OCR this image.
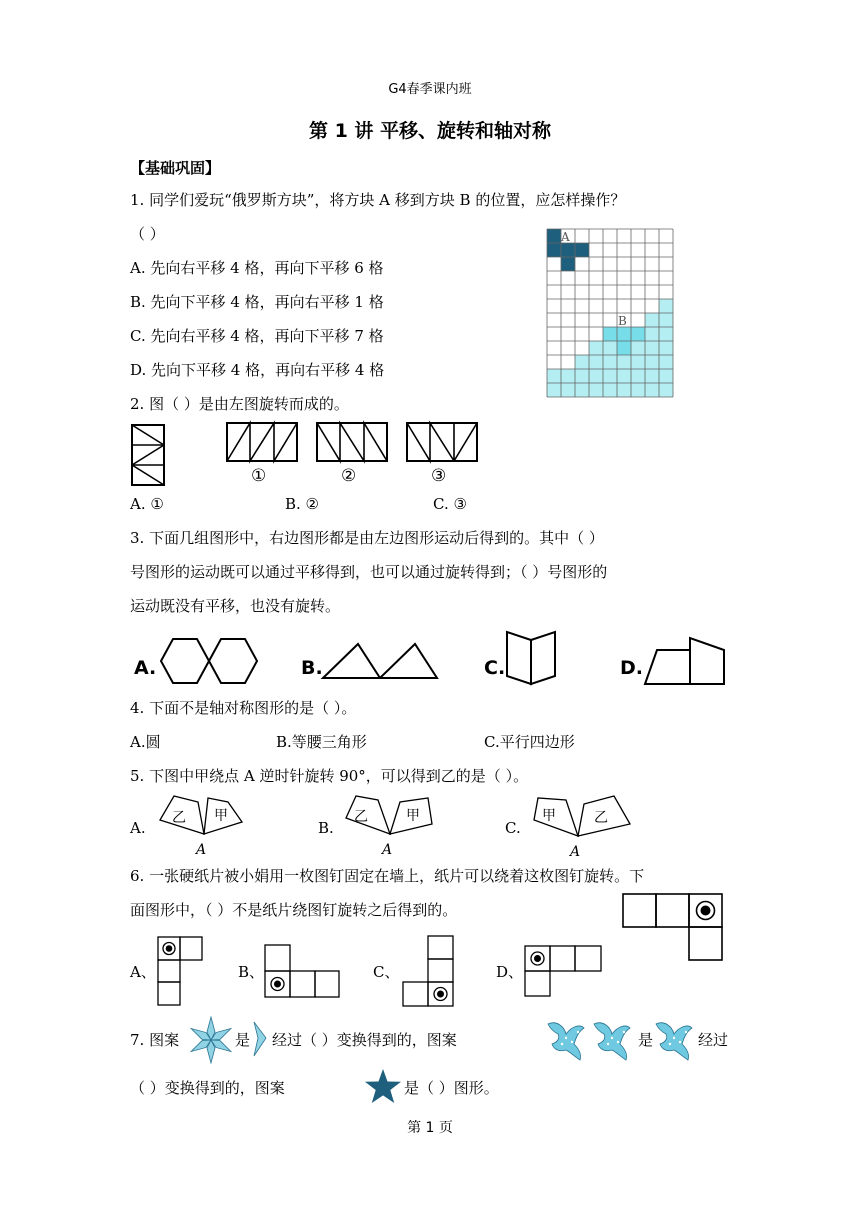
G4春季课内班
第 1 讲 平移、旋转和轴对称
【基础巩固】
1. 同学们爱玩“俄罗斯方块”，将方块 A 移到方块 B 的位置，应怎样操作？
（ ）
A. 先向右平移 4 格，再向下平移 6 格
B. 先向下平移 4 格，再向右平移 1 格
C. 先向右平移 4 格，再向下平移 7 格
D. 先向下平移 4 格，再向右平移 4 格
A
B
2. 图（ ）是由左图旋转而成的。
①	②	③
A. ①	B. ②	C. ③
3. 下面几组图形中，右边图形都是由左边图形运动后得到的。其中（ ）
号图形的运动既可以通过平移得到，也可以通过旋转得到；（ ）号图形的
运动既没有平移，也没有旋转。
A.	B.	C.	D.
4. 下面不是轴对称图形的是（ ）。
A.圆	B.等腰三角形	C.平行四边形
5. 下图中甲绕点 A 逆时针旋转 90°，可以得到乙的是（ ）。
A.
乙 甲
A
B.
乙	甲
A
C.
甲	乙
A
6. 一张硬纸片被小娟用一枚图钉固定在墙上，纸片可以绕着这枚图钉旋转。下
面图形中，（ ）不是纸片绕图钉旋转之后得到的。
A、	B、	C、	D、
7. 图案	是 经过（ ）变换得到的，图案	是	经过
（ ）变换得到的，图案	是（ ）图形。
第 1 页
